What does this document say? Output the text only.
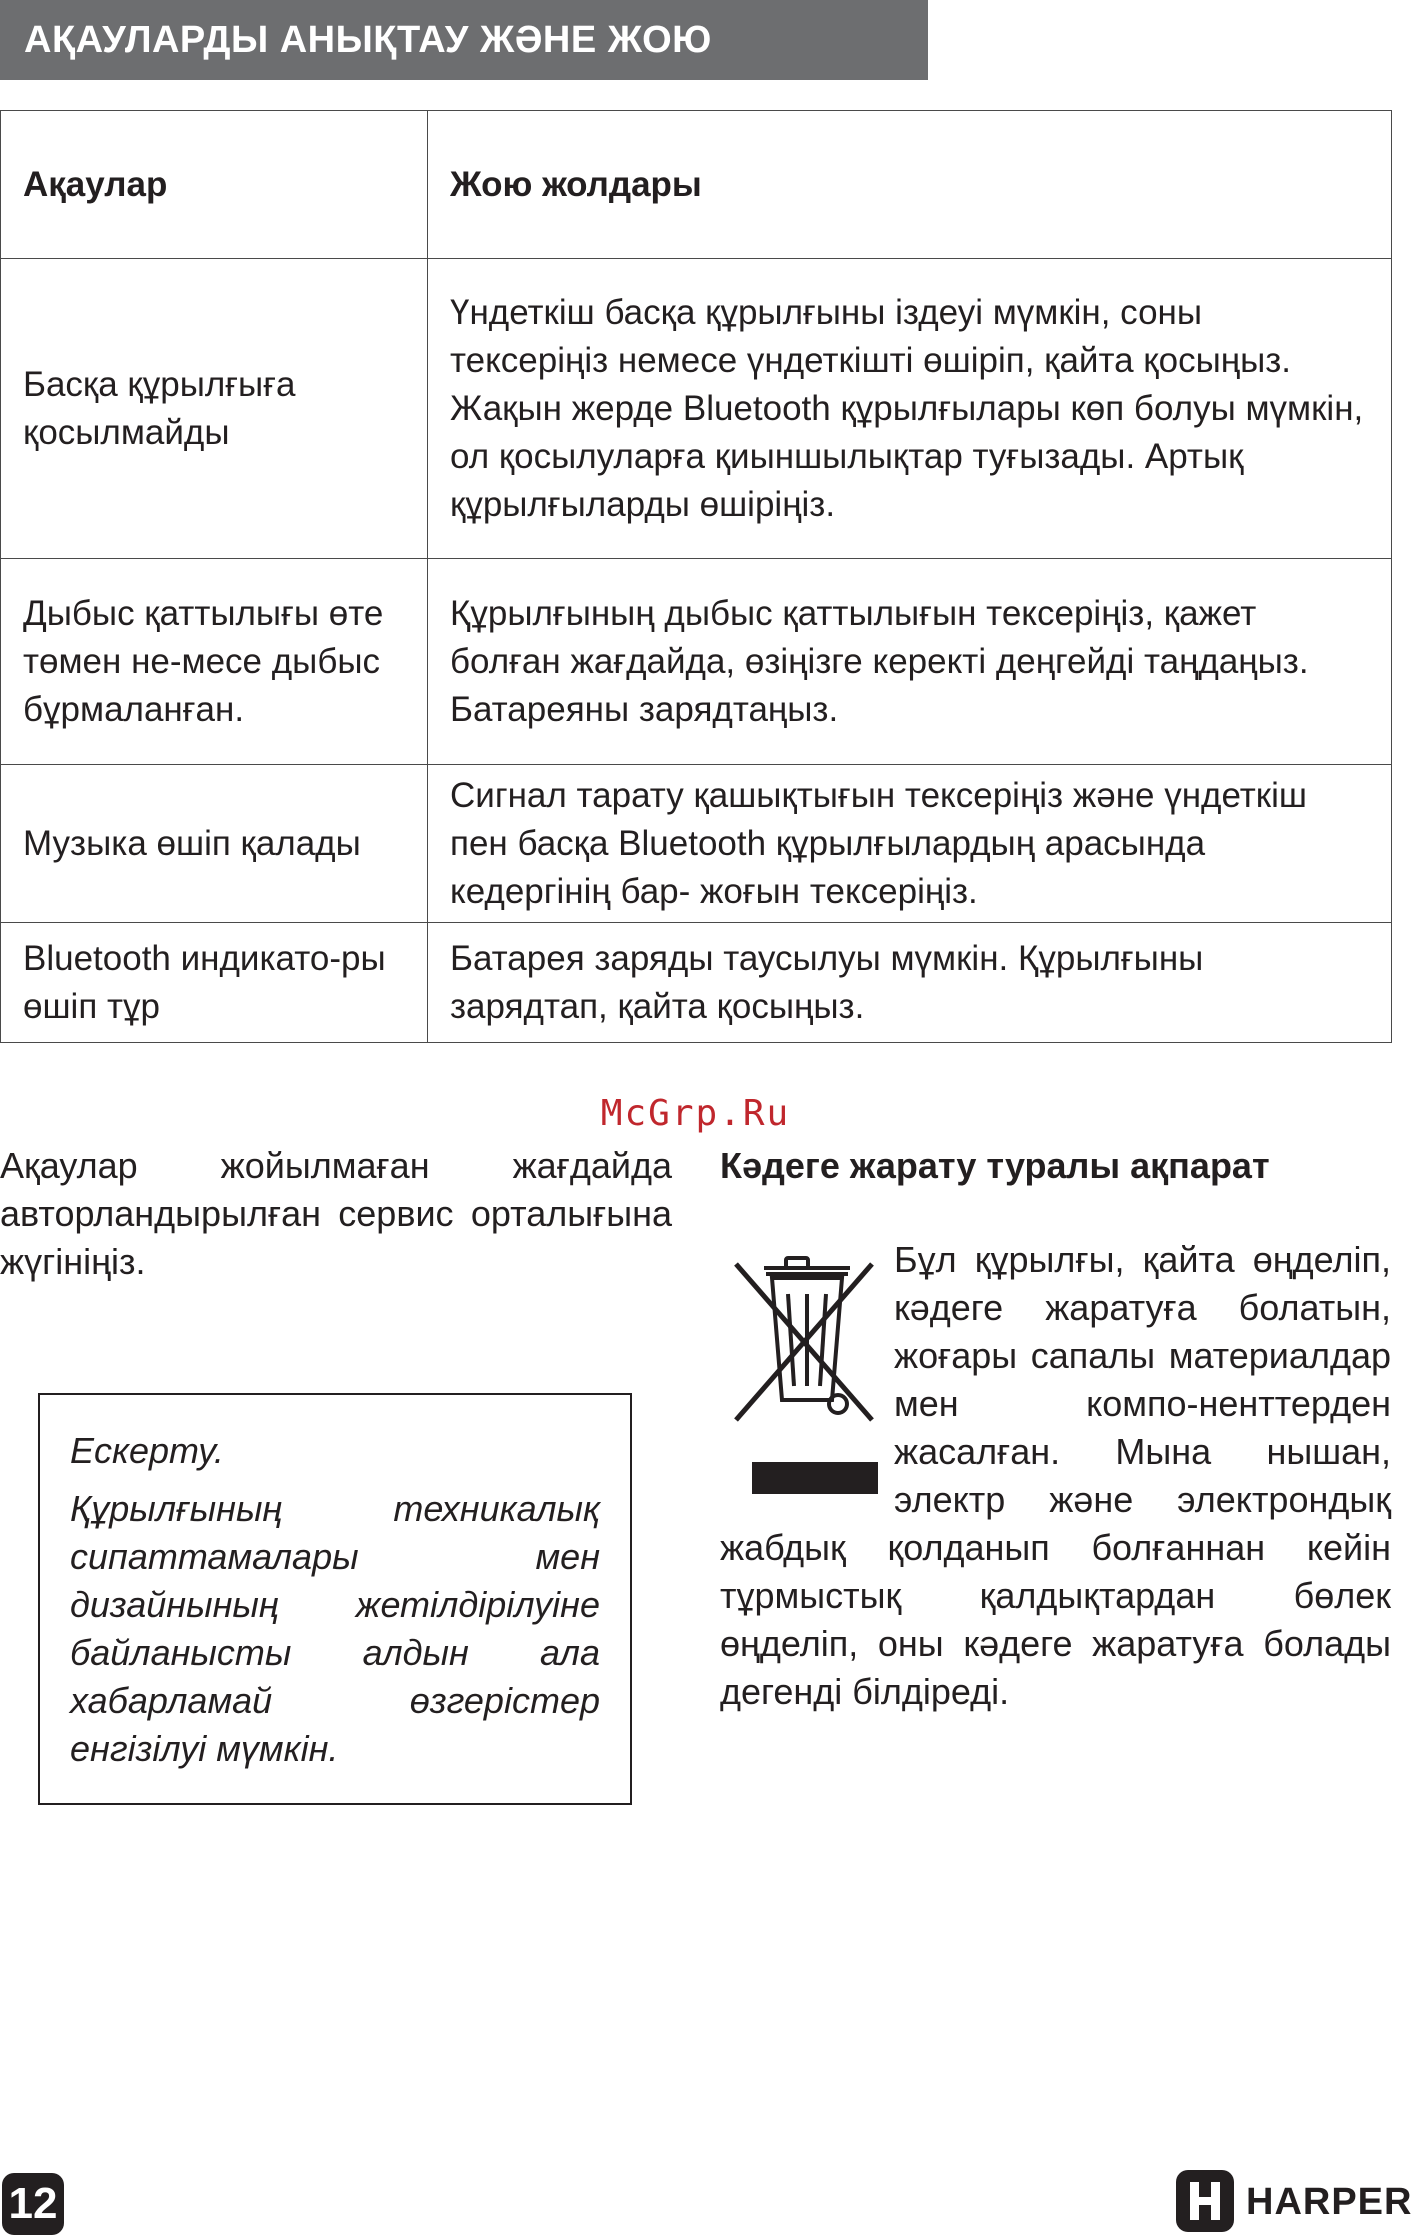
АҚАУЛАРДЫ АНЫҚТАУ ЖӘНЕ ЖОЮ
Ақаулар	Жою жолдары
Басқа құрылғыға қосылмайды	Үндеткіш басқа құрылғыны іздеуі мүмкін, соны тексеріңіз немесе үндеткішті өшіріп, қайта қосыңыз. Жақын жерде Bluetooth құрылғылары көп болуы мүмкін, ол қосылуларға қиыншылықтар туғызады. Артық құрылғыларды өшіріңіз.
Дыбыс қаттылығы өте төмен не-месе дыбыс бұрмаланған.	Құрылғының дыбыс қаттылығын тексеріңіз, қажет болған жағдайда, өзіңізге керекті деңгейді таңдаңыз. Батареяны зарядтаңыз.
Музыка өшіп қалады	Сигнал тарату қашықтығын тексеріңіз және үндеткіш пен басқа Bluetooth құрылғылардың арасында кедергінің бар- жоғын тексеріңіз.
Bluetooth индикато-ры өшіп тұр	Батарея заряды таусылуы мүмкін. Құрылғыны зарядтап, қайта қосыңыз.
McGrp.Ru
Ақаулар жойылмаған жағдайда авторландырылған сервис орталығына жүгініңіз.
Ескерту.
Құрылғының техникалық сипаттамалары мен дизайнының жетілдірілуіне байланысты алдын ала хабарламай өзгерістер енгізілуі мүмкін.
Кәдеге жарату туралы ақпарат
Бұл құрылғы, қайта өңделіп, кәдеге жаратуға болатын, жоғары сапалы материалдар мен компо-ненттерден жасалған. Мына нышан, электр және электрондық жабдық қолданып болғаннан кейін тұрмыстық қалдықтардан бөлек өңделіп, оны кәдеге жаратуға болады дегенді білдіреді.
12	HARPER
